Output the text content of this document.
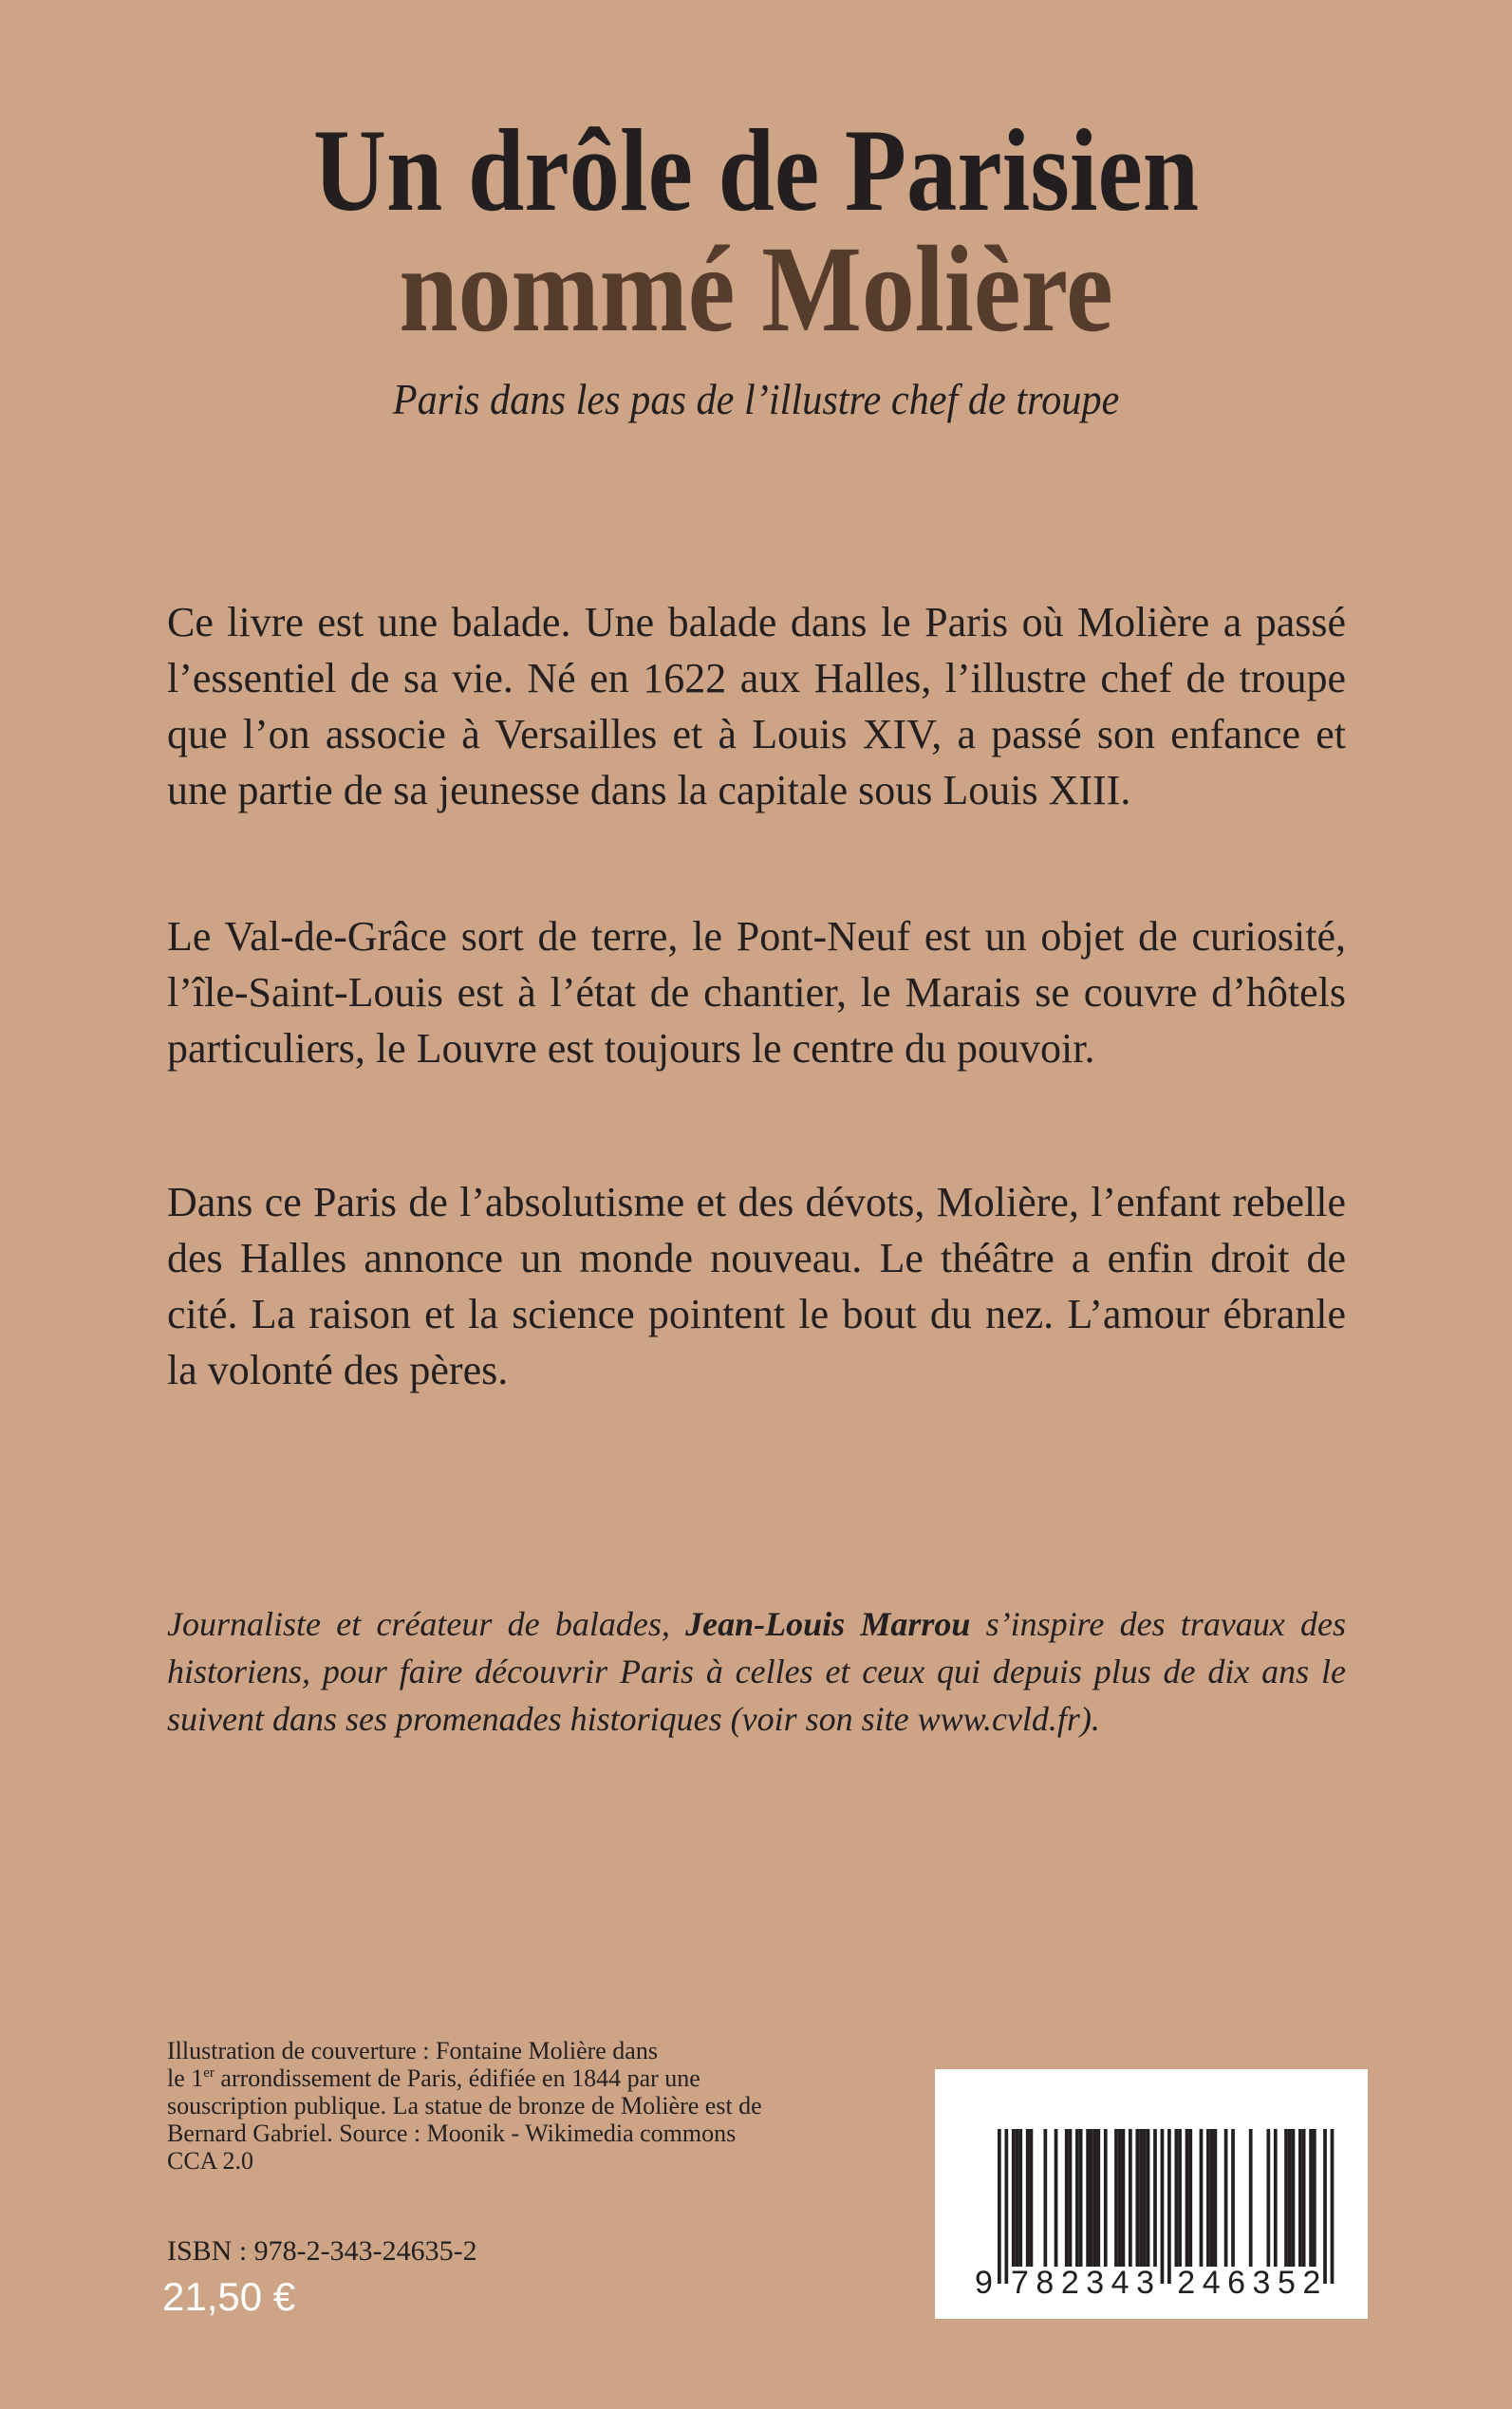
Un drôle de Parisien
nommé Molière
Paris dans les pas de l’illustre chef de troupe

Ce livre est une balade. Une balade dans le Paris où Molière a passé l’essentiel de sa vie. Né en 1622 aux Halles, l’illustre chef de troupe que l’on associe à Versailles et à Louis XIV, a passé son enfance et une partie de sa jeunesse dans la capitale sous Louis XIII.

Le Val-de-Grâce sort de terre, le Pont-Neuf est un objet de curiosité, l’île-Saint-Louis est à l’état de chantier, le Marais se couvre d’hôtels particuliers, le Louvre est toujours le centre du pouvoir.

Dans ce Paris de l’absolutisme et des dévots, Molière, l’enfant rebelle des Halles annonce un monde nouveau. Le théâtre a enfin droit de cité. La raison et la science pointent le bout du nez. L’amour ébranle la volonté des pères.

Journaliste et créateur de balades, Jean-Louis Marrou s’inspire des travaux des historiens, pour faire découvrir Paris à celles et ceux qui depuis plus de dix ans le suivent dans ses promenades historiques (voir son site www.cvld.fr).
Illustration de couverture : Fontaine Molière dans
le 1er arrondissement de Paris, édifiée en 1844 par une
souscription publique. La statue de bronze de Molière est de
Bernard Gabriel. Source : Moonik - Wikimedia commons
CCA 2.0
ISBN : 978-2-343-24635-2
21,50 €	9 782343 246352
